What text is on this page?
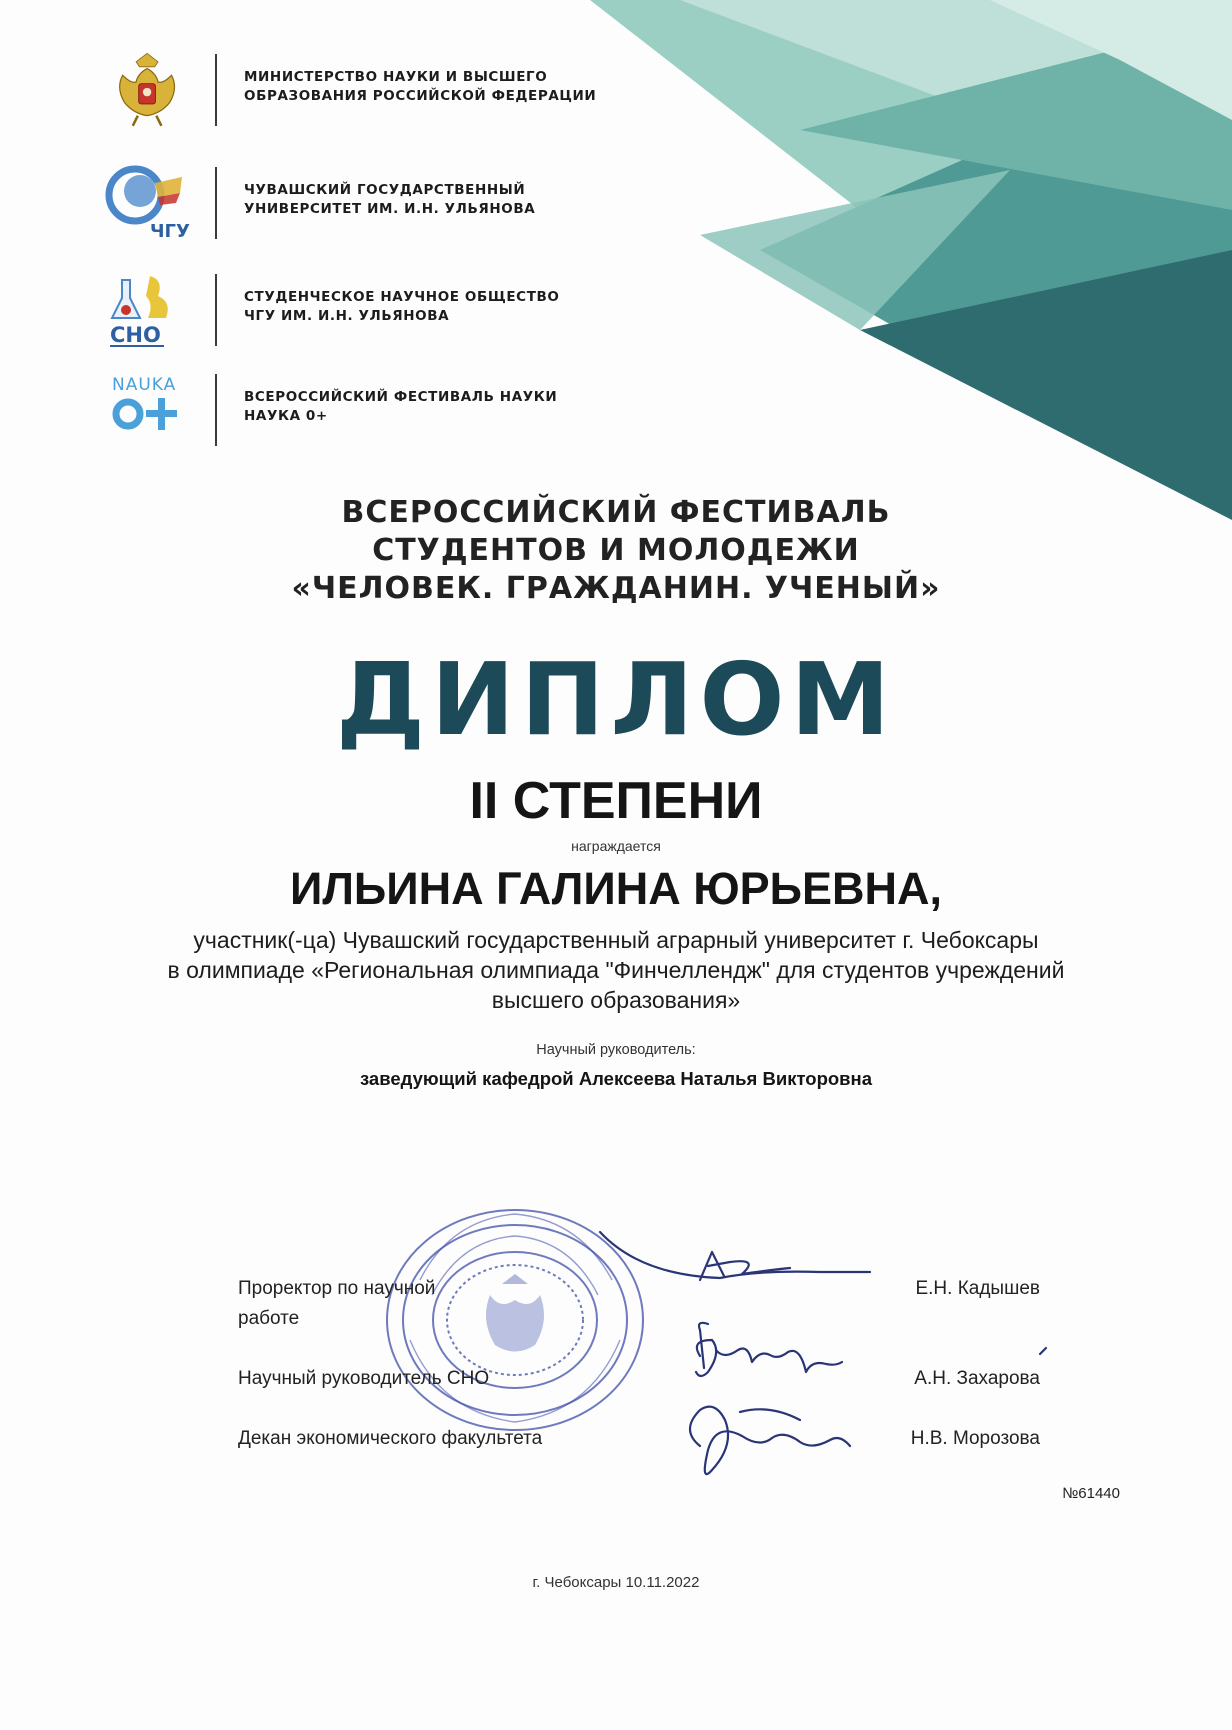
МИНИСТЕРСТВО НАУКИ И ВЫСШЕГО
ОБРАЗОВАНИЯ РОССИЙСКОЙ ФЕДЕРАЦИИ
ЧГУ
ЧУВАШСКИЙ ГОСУДАРСТВЕННЫЙ
УНИВЕРСИТЕТ ИМ. И.Н. УЛЬЯНОВА
СНО
СТУДЕНЧЕСКОЕ НАУЧНОЕ ОБЩЕСТВО
ЧГУ ИМ. И.Н. УЛЬЯНОВА
NAUKA
ВСЕРОССИЙСКИЙ ФЕСТИВАЛЬ НАУКИ
НАУКА 0+
ВСЕРОССИЙСКИЙ ФЕСТИВАЛЬ
СТУДЕНТОВ И МОЛОДЕЖИ
«ЧЕЛОВЕК. ГРАЖДАНИН. УЧЕНЫЙ»
ДИПЛОМ
II СТЕПЕНИ
награждается
ИЛЬИНА ГАЛИНА ЮРЬЕВНА,
участник(-ца) Чувашский государственный аграрный университет г. Чебоксары
в олимпиаде «Региональная олимпиада "Финчеллендж" для студентов учреждений
высшего образования»
Научный руководитель:
заведующий кафедрой Алексеева Наталья Викторовна
Проректор по научной
работе
Е.Н. Кадышев
Научный руководитель СНО	А.Н. Захарова
Декан экономического факультета	Н.В. Морозова
№61440
г. Чебоксары 10.11.2022
